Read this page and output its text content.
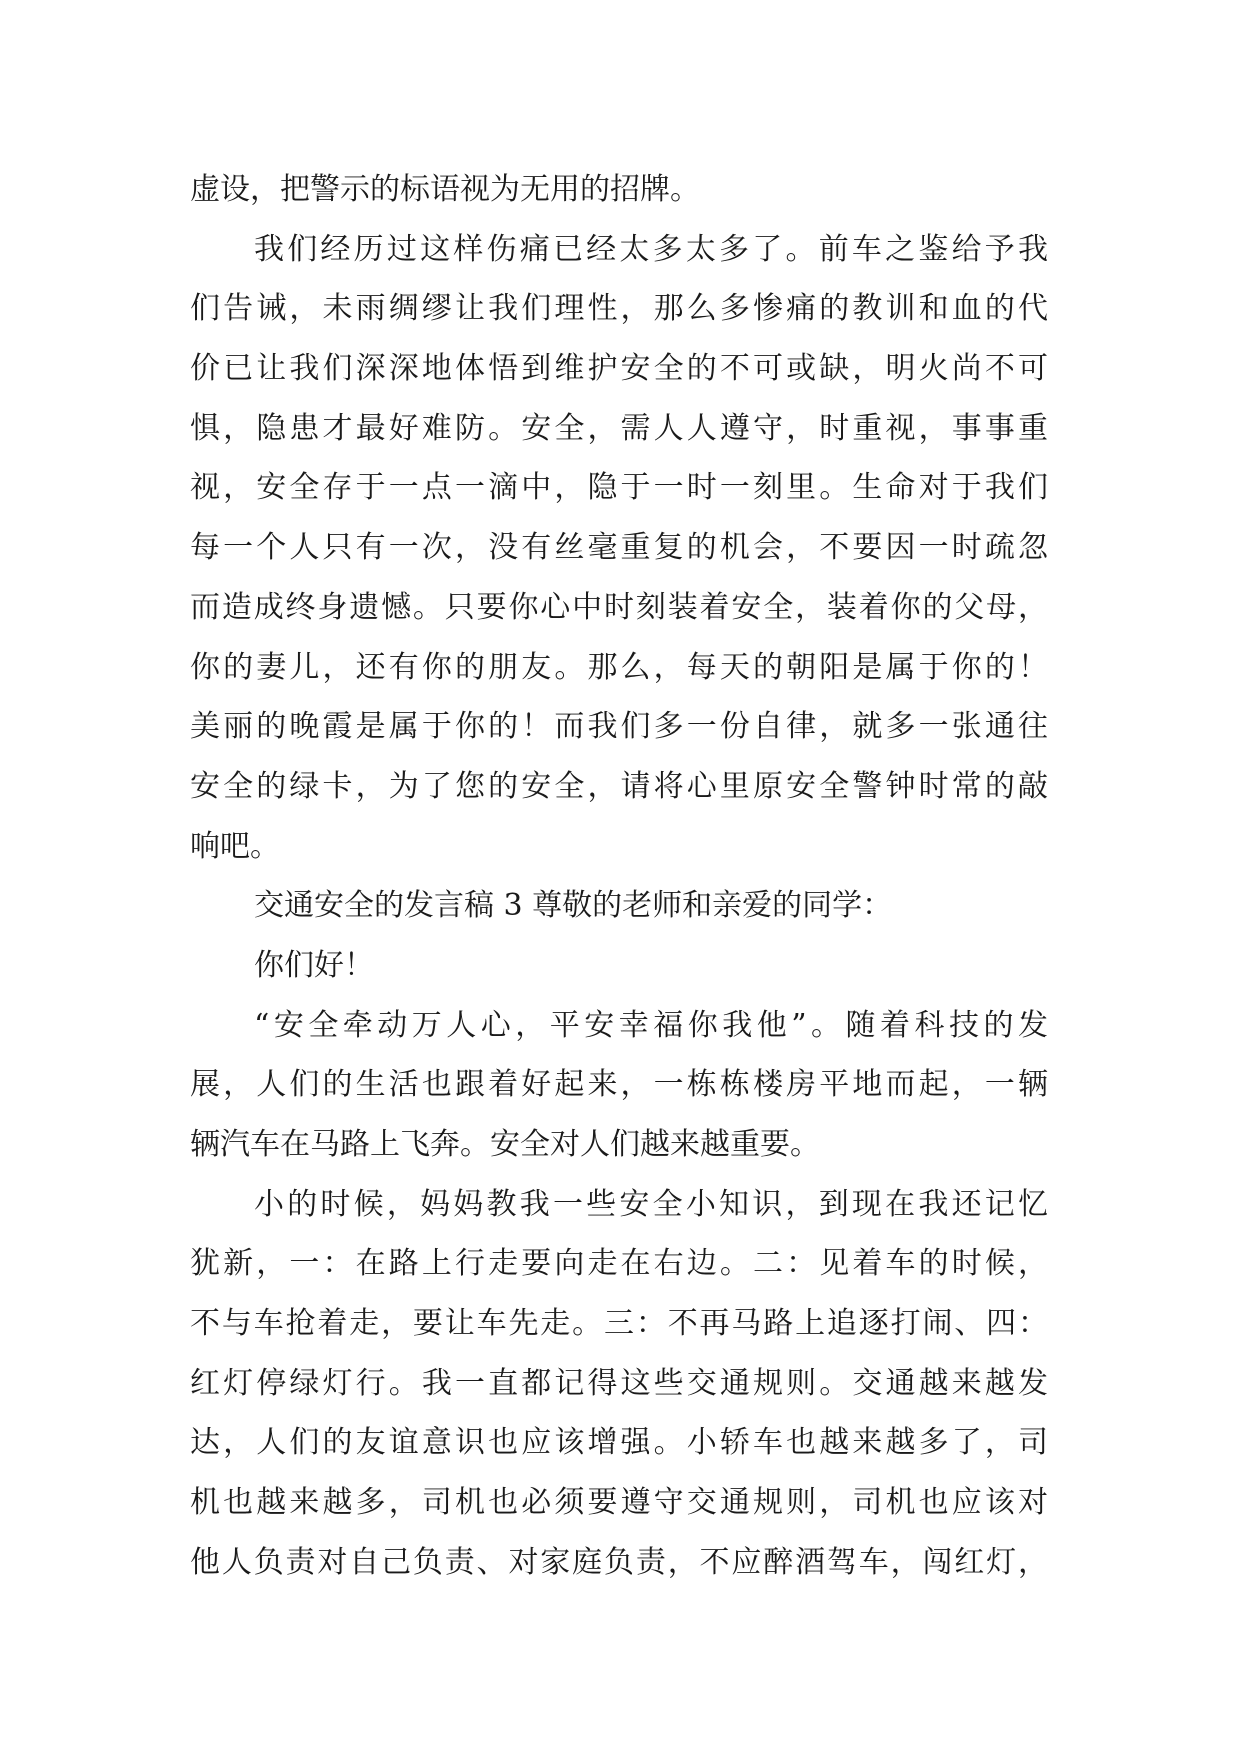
虚设，把警示的标语视为无用的招牌。
我们经历过这样伤痛已经太多太多了。前车之鉴给予我
们告诫，未雨绸缪让我们理性，那么多惨痛的教训和血的代
价已让我们深深地体悟到维护安全的不可或缺，明火尚不可
惧，隐患才最好难防。安全，需人人遵守，时重视，事事重
视，安全存于一点一滴中，隐于一时一刻里。生命对于我们
每一个人只有一次，没有丝毫重复的机会，不要因一时疏忽
而造成终身遗憾。只要你心中时刻装着安全，装着你的父母，
你的妻儿，还有你的朋友。那么，每天的朝阳是属于你的！
美丽的晚霞是属于你的！而我们多一份自律，就多一张通往
安全的绿卡，为了您的安全，请将心里原安全警钟时常的敲
响吧。
交通安全的发言稿 3 尊敬的老师和亲爱的同学：
你们好！
“安全牵动万人心，平安幸福你我他”。随着科技的发
展，人们的生活也跟着好起来，一栋栋楼房平地而起，一辆
辆汽车在马路上飞奔。安全对人们越来越重要。
小的时候，妈妈教我一些安全小知识，到现在我还记忆
犹新，一：在路上行走要向走在右边。二：见着车的时候，
不与车抢着走，要让车先走。三：不再马路上追逐打闹、四：
红灯停绿灯行。我一直都记得这些交通规则。交通越来越发
达，人们的友谊意识也应该增强。小轿车也越来越多了，司
机也越来越多，司机也必须要遵守交通规则，司机也应该对
他人负责对自己负责、对家庭负责，不应醉酒驾车，闯红灯，
